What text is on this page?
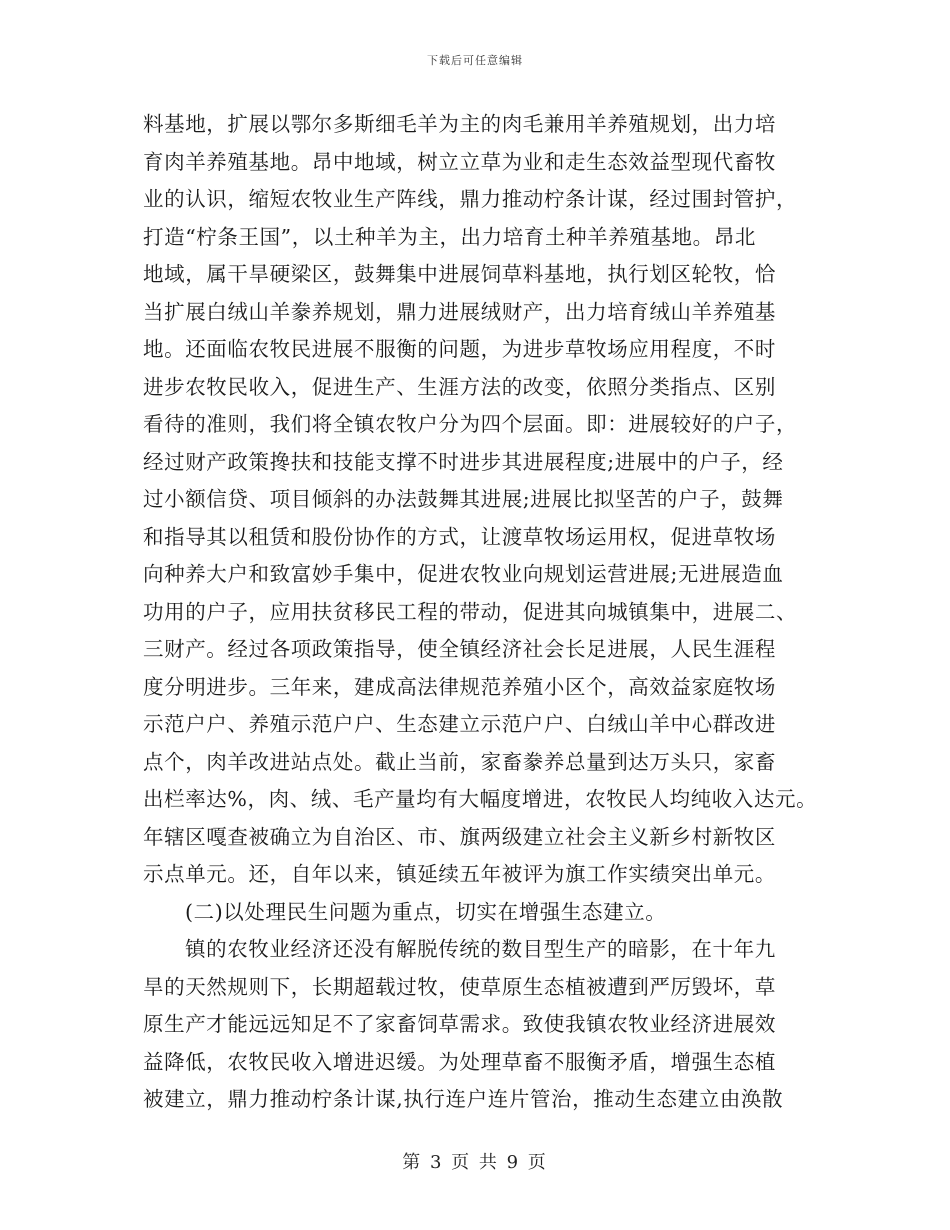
下载后可任意编辑
料基地，扩展以鄂尔多斯细毛羊为主的肉毛兼用羊养殖规划，出力培
育肉羊养殖基地。昂中地域，树立立草为业和走生态效益型现代畜牧
业的认识，缩短农牧业生产阵线，鼎力推动柠条计谋，经过围封管护，
打造“柠条王国”，以土种羊为主，出力培育土种羊养殖基地。昂北
地域，属干旱硬梁区，鼓舞集中进展饲草料基地，执行划区轮牧，恰
当扩展白绒山羊豢养规划，鼎力进展绒财产，出力培育绒山羊养殖基
地。还面临农牧民进展不服衡的问题，为进步草牧场应用程度，不时
进步农牧民收入，促进生产、生涯方法的改变，依照分类指点、区别
看待的准则，我们将全镇农牧户分为四个层面。即：进展较好的户子，
经过财产政策搀扶和技能支撑不时进步其进展程度;进展中的户子，经
过小额信贷、项目倾斜的办法鼓舞其进展;进展比拟坚苦的户子，鼓舞
和指导其以租赁和股份协作的方式，让渡草牧场运用权，促进草牧场
向种养大户和致富妙手集中，促进农牧业向规划运营进展;无进展造血
功用的户子，应用扶贫移民工程的带动，促进其向城镇集中，进展二、
三财产。经过各项政策指导，使全镇经济社会长足进展，人民生涯程
度分明进步。三年来，建成高法律规范养殖小区个，高效益家庭牧场
示范户户、养殖示范户户、生态建立示范户户、白绒山羊中心群改进
点个，肉羊改进站点处。截止当前，家畜豢养总量到达万头只，家畜
出栏率达%，肉、绒、毛产量均有大幅度增进，农牧民人均纯收入达元。
年辖区嘎查被确立为自治区、市、旗两级建立社会主义新乡村新牧区
示点单元。还，自年以来，镇延续五年被评为旗工作实绩突出单元。
(二)以处理民生问题为重点，切实在增强生态建立。
镇的农牧业经济还没有解脱传统的数目型生产的暗影，在十年九
旱的天然规则下，长期超载过牧，使草原生态植被遭到严厉毁坏，草
原生产才能远远知足不了家畜饲草需求。致使我镇农牧业经济进展效
益降低，农牧民收入增进迟缓。为处理草畜不服衡矛盾，增强生态植
被建立，鼎力推动柠条计谋,执行连户连片管治，推动生态建立由涣散
第 3 页 共 9 页
